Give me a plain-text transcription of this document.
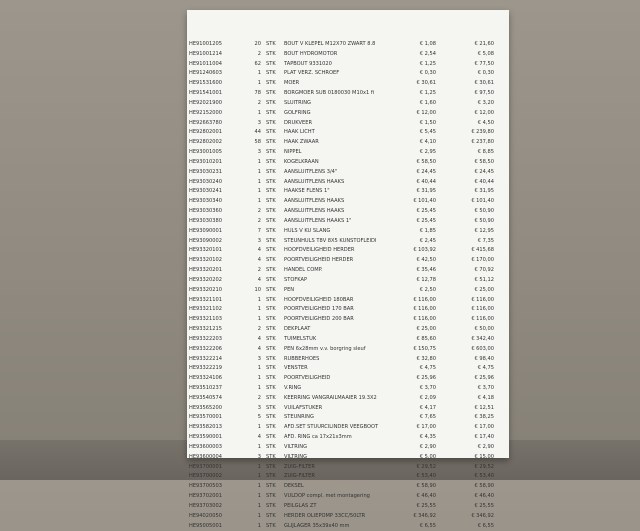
HE91001205	20 STK BOUT V KLEPEL M12X70 ZWART 8.8	€ 1,08	€ 21,60
HE91001214	2 STK BOUT HYDROMOTOR	€ 2,54	€ 5,08
HE91011004	62 STK TAPBOUT 9331020	€ 1,25	€ 77,50
HE91240603	1 STK PLAT VERZ. SCHROEF	€ 0,30	€ 0,30
HE91531600	1 STK MOER	€ 30,61	€ 30,61
HE91541001	78 STK BORGMOER SUB 0180030 M10x1 fi	€ 1,25	€ 97,50
HE92021900	2 STK SLUITRING	€ 1,60	€ 3,20
HE92152000	1 STK GOLFRING	€ 12,00	€ 12,00
HE92663780	3 STK DRUKVEER	€ 1,50	€ 4,50
HE92802001	44 STK HAAK LICHT	€ 5,45	€ 239,80
HE92802002	58 STK HAAK ZWAAR	€ 4,10	€ 237,80
HE93001005	3 STK NIPPEL	€ 2,95	€ 8,85
HE93010201	1 STK KOGELKRAAN	€ 58,50	€ 58,50
HE93030231	1 STK AANSLUITFLENS 3/4"	€ 24,45	€ 24,45
HE93030240	1 STK AANSLUITFLENS HAAKS	€ 40,44	€ 40,44
HE93030241	1 STK HAAKSE FLENS 1"	€ 31,95	€ 31,95
HE93030340	1 STK AANSLUITFLENS HAAKS	€ 101,40	€ 101,40
HE93030360	2 STK AANSLUITFLENS HAAKS	€ 25,45	€ 50,90
HE93030380	2 STK AANSLUITFLENS HAAKS 1"	€ 25,45	€ 50,90
HE93090001	7 STK HULS V KU SLANG	€ 1,85	€ 12,95
HE93090002	3 STK STEUNHULS T8V 8X5 KUNSTOFLEIDI	€ 2,45	€ 7,35
HE93320101	4 STK HOOFDVEILIGHEID HERDER	€ 103,92	€ 415,68
HE93320102	4 STK POORTVEILIGHEID HERDER	€ 42,50	€ 170,00
HE93320201	2 STK HANDEL COMP.	€ 35,46	€ 70,92
HE93320202	4 STK STOFKAP	€ 12,78	€ 51,12
HE93320210	10 STK PEN	€ 2,50	€ 25,00
HE93321101	1 STK HOOFDVEILIGHEID 180BAR	€ 116,00	€ 116,00
HE93321102	1 STK POORTVEILIGHEID 170 BAR	€ 116,00	€ 116,00
HE93321103	1 STK POORTVEILIGHEID 200 BAR	€ 116,00	€ 116,00
HE93321215	2 STK DEKPLAAT	€ 25,00	€ 50,00
HE93322203	4 STK TUIMELSTUK	€ 85,60	€ 342,40
HE93322206	4 STK PEN 6x28mm v.v. borgring sleuf	€ 150,75	€ 603,00
HE93322214	3 STK RUBBERHOES	€ 32,80	€ 98,40
HE93322219	1 STK VENSTER	€ 4,75	€ 4,75
HE93324106	1 STK POORTVEILIGHEID	€ 25,96	€ 25,96
HE93510237	1 STK V.RING	€ 3,70	€ 3,70
HE93540574	2 STK KEERRING VANGRAILMAAIER 19.3X2	€ 2,09	€ 4,18
HE93565200	3 STK VUILAFSTUKER	€ 4,17	€ 12,51
HE93570001	5 STK STEUNRING	€ 7,65	€ 38,25
HE93582013	1 STK AFD.SET STUURCILINDER VEEGBOOT	€ 17,00	€ 17,00
HE93590001	4 STK AFD. RING ca 17x21x3mm	€ 4,35	€ 17,40
HE93600003	1 STK VILTRING	€ 2,90	€ 2,90
HE93600004	3 STK VILTRING	€ 5,00	€ 15,00
HE93700001	1 STK ZUIG-FILTER	€ 29,52	€ 29,52
HE93700002	1 STK ZUIG-FILTER	€ 53,40	€ 53,40
HE93700503	1 STK DEKSEL	€ 58,90	€ 58,90
HE93702001	1 STK VULDOP compl. met montagering	€ 46,40	€ 46,40
HE93703002	1 STK PEILGLAS ZT	€ 25,55	€ 25,55
HE94020050	1 STK HERDER OLIEPOMP 33CC/50LTR	€ 346,92	€ 346,92
HE95005001	1 STK GLIJLAGER 35x39x40 mm	€ 6,55	€ 6,55
